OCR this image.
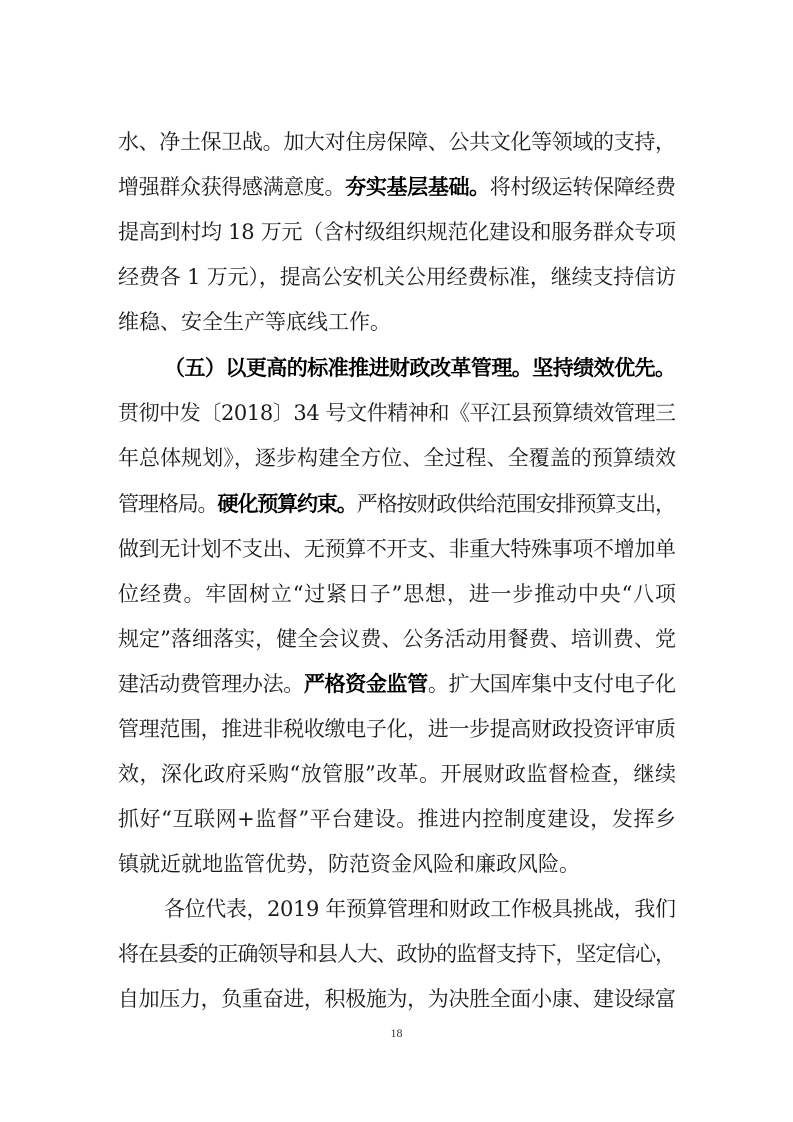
水、净土保卫战。加大对住房保障、公共文化等领域的支持，
增强群众获得感满意度。夯实基层基础。将村级运转保障经费
提高到村均 18 万元（含村级组织规范化建设和服务群众专项
经费各 1 万元），提高公安机关公用经费标准，继续支持信访
维稳、安全生产等底线工作。
（五）以更高的标准推进财政改革管理。坚持绩效优先。
贯彻中发〔2018〕34 号文件精神和《平江县预算绩效管理三
年总体规划》，逐步构建全方位、全过程、全覆盖的预算绩效
管理格局。硬化预算约束。严格按财政供给范围安排预算支出，
做到无计划不支出、无预算不开支、非重大特殊事项不增加单
位经费。牢固树立“过紧日子”思想，进一步推动中央“八项
规定”落细落实，健全会议费、公务活动用餐费、培训费、党
建活动费管理办法。严格资金监管。扩大国库集中支付电子化
管理范围，推进非税收缴电子化，进一步提高财政投资评审质
效，深化政府采购“放管服”改革。开展财政监督检查，继续
抓好“互联网+监督”平台建设。推进内控制度建设，发挥乡
镇就近就地监管优势，防范资金风险和廉政风险。
各位代表，2019 年预算管理和财政工作极具挑战，我们
将在县委的正确领导和县人大、政协的监督支持下，坚定信心，
自加压力，负重奋进，积极施为，为决胜全面小康、建设绿富
18
